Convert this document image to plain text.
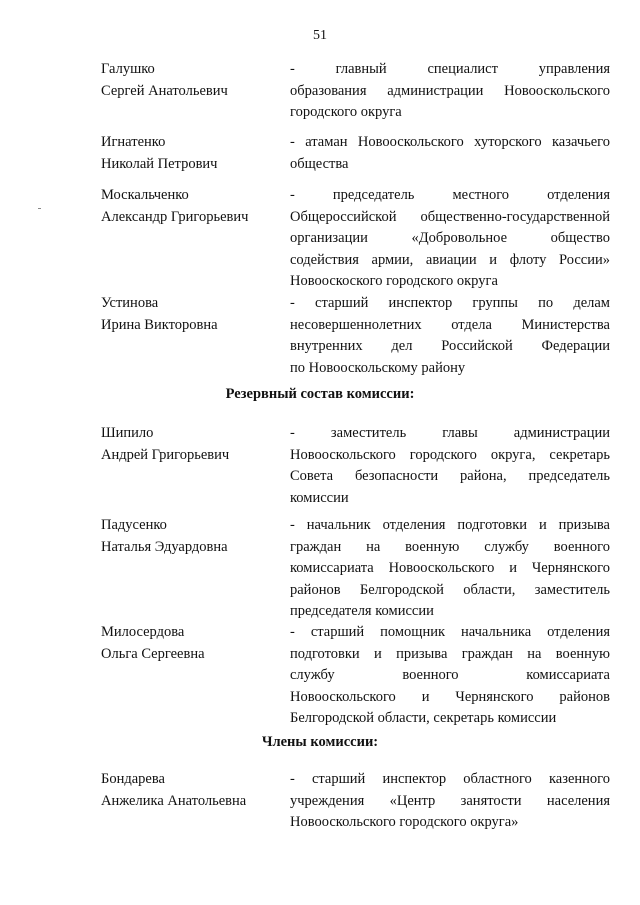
51
Галушко
Сергей Анатольевич
- главный специалист управления
образования администрации Новооскольского
городского округа
Игнатенко
Николай Петрович
- атаман Новооскольского хуторского казачьего
общества
Москальченко
Александр Григорьевич
- председатель местного отделения
Общероссийской общественно-государственной
организации «Добровольное общество
содействия армии, авиации и флоту России»
Новооскоского городского округа
Устинова
Ирина Викторовна
- старший инспектор группы по делам
несовершеннолетних отдела Министерства
внутренних дел Российской Федерации
по Новооскольскому району
Резервный состав комиссии:
Шипило
Андрей Григорьевич
- заместитель главы администрации
Новооскольского городского округа, секретарь
Совета безопасности района, председатель
комиссии
Падусенко
Наталья Эдуардовна
- начальник отделения подготовки и призыва
граждан на военную службу военного
комиссариата Новооскольского и Чернянского
районов Белгородской области, заместитель
председателя комиссии
Милосердова
Ольга Сергеевна
- старший помощник начальника отделения
подготовки и призыва граждан на военную
службу военного комиссариата
Новооскольского и Чернянского районов
Белгородской области, секретарь комиссии
Члены комиссии:
Бондарева
Анжелика Анатольевна
- старший инспектор областного казенного
учреждения «Центр занятости населения
Новооскольского городского округа»
